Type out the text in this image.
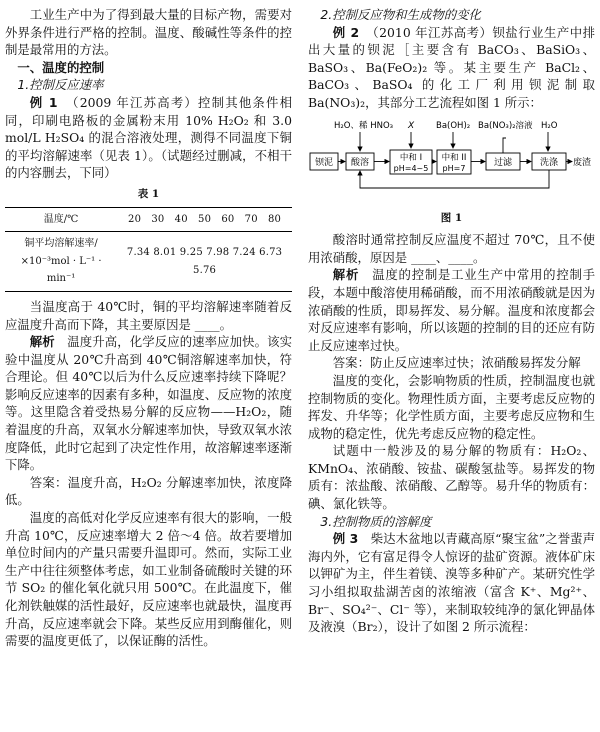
工业生产中为了得到最大量的目标产物，需要对外界条件进行严格的控制。温度、酸碱性等条件的控制是最常用的方法。

一、温度的控制

1.控制反应速率

例 1　 （2009 年江苏高考）控制其他条件相同，印刷电路板的金属粉末用 10% H₂O₂ 和 3.0 mol/L H₂SO₄ 的混合溶液处理，测得不同温度下铜的平均溶解速率（见表 1）。（试题经过删减，不相干的内容删去，下同）

表 1

温度/℃	20　30　40　50　60　70　80

铜平均溶解速率/
×10⁻³mol · L⁻¹ · min⁻¹	7.34 8.01 9.25 7.98 7.24 6.73 5.76

当温度高于 40℃时，铜的平均溶解速率随着反应温度升高而下降，其主要原因是 ____。

解析　 温度升高，化学反应的速率应加快。该实验中温度从 20℃升高到 40℃铜溶解速率加快，符合理论。但 40℃以后为什么反应速率持续下降呢？影响反应速率的因素有多种，如温度、反应物的浓度等。这里隐含着受热易分解的反应物——H₂O₂，随着温度的升高，双氧水分解速率加快，导致双氧水浓度降低，此时它起到了决定性作用，故溶解速率逐渐下降。

答案：温度升高，H₂O₂ 分解速率加快，浓度降低。

温度的高低对化学反应速率有很大的影响，一般升高 10℃，反应速率增大 2 倍～4 倍。故若要增加单位时间内的产量只需要升温即可。然而，实际工业生产中往往须整体考虑，如工业制备硫酸时关键的环节 SO₂ 的催化氧化就只用 500℃。在此温度下，催化剂铁触媒的活性最好，反应速率也就最快，温度再升高，反应速率就会下降。某些反应用到酶催化，则需要的温度更低了，以保证酶的活性。

2.控制反应物和生成物的变化

例 2　 （2010 年江苏高考）钡盐行业生产中排出大量的钡泥［主要含有 BaCO₃、BaSiO₃、BaSO₃、Ba(FeO₂)₂ 等。某主要生产 BaCl₂、BaCO₃、BaSO₄ 的化工厂利用钡泥制取 Ba(NO₃)₂，其部分工艺流程如图 1 所示：

H₂O、稀 HNO₃ X	Ba(OH)₂ Ba(NO₃)₂溶液 H₂O
钡泥 酸溶	中和 I
pH=4~5
中和 II
pH=7
过滤	洗涤 废渣

图 1

酸溶时通常控制反应温度不超过 70℃，且不使用浓硝酸，原因是 ____、____。

解析　 温度的控制是工业生产中常用的控制手段，本题中酸溶使用稀硝酸，而不用浓硝酸就是因为浓硝酸的性质，即易挥发、易分解。温度和浓度都会对反应速率有影响，所以该题的控制的目的还应有防止反应速率过快。

答案：防止反应速率过快；浓硝酸易挥发分解

温度的变化，会影响物质的性质，控制温度也就控制物质的变化。物理性质方面，主要考虑反应物的挥发、升华等；化学性质方面，主要考虑反应物和生成物的稳定性，优先考虑反应物的稳定性。

试题中一般涉及的易分解的物质有：H₂O₂、KMnO₄、浓硝酸、铵盐、碳酸氢盐等。易挥发的物质有：浓盐酸、浓硝酸、乙醇等。易升华的物质有：碘、氯化铁等。

3.控制物质的溶解度

例 3　 柴达木盆地以青藏高原“聚宝盆”之誉蜚声海内外，它有富足得令人惊讶的盐矿资源。液体矿床以钾矿为主，伴生着镁、溴等多种矿产。某研究性学习小组拟取盐湖苦卤的浓缩液（富含 K⁺、Mg²⁺、Br⁻、SO₄²⁻、Cl⁻ 等），来制取较纯净的氯化钾晶体及液溴（Br₂），设计了如图 2 所示流程：
